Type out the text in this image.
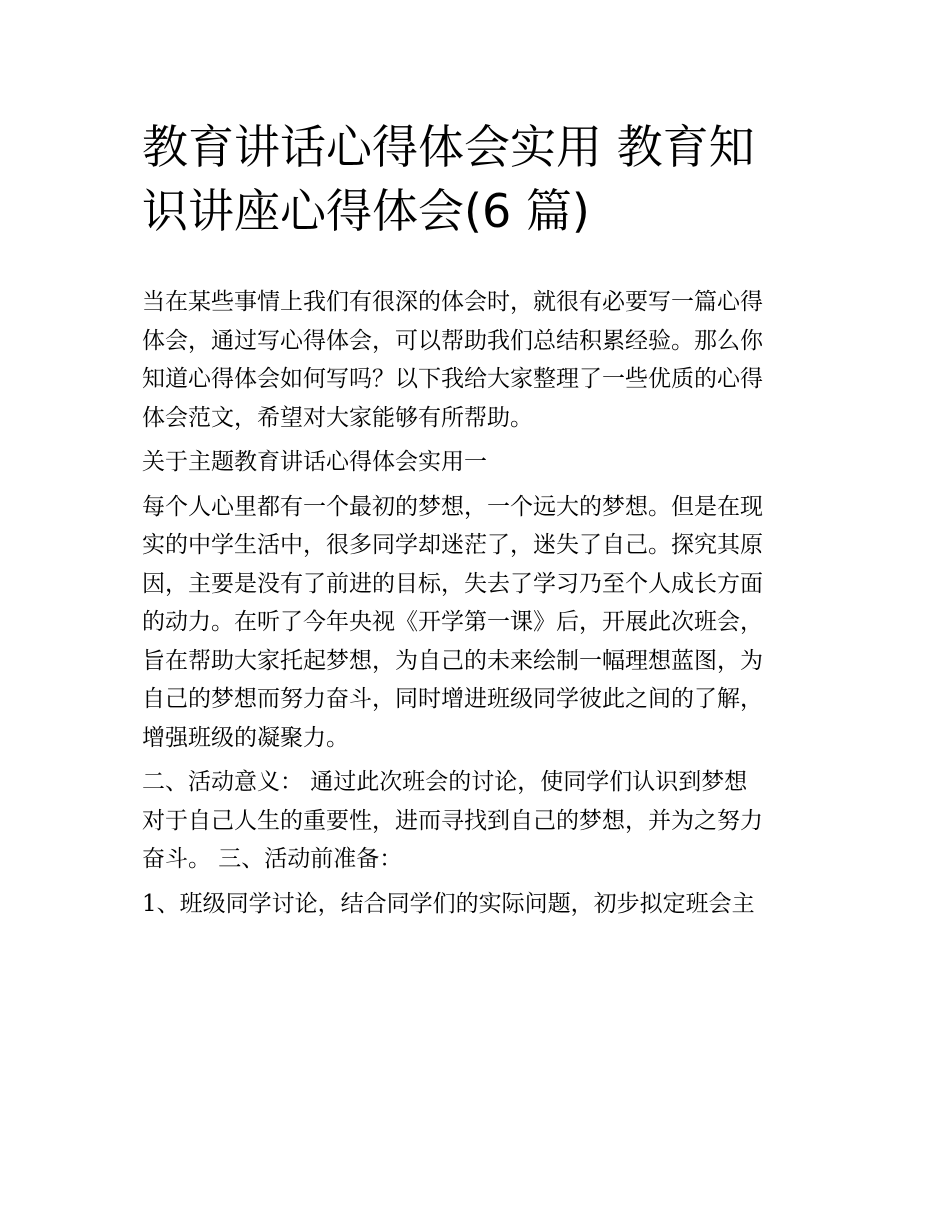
教育讲话心得体会实用 教育知
识讲座心得体会(6 篇)

当在某些事情上我们有很深的体会时，就很有必要写一篇心得
体会，通过写心得体会，可以帮助我们总结积累经验。那么你
知道心得体会如何写吗？以下我给大家整理了一些优质的心得
体会范文，希望对大家能够有所帮助。

关于主题教育讲话心得体会实用一

每个人心里都有一个最初的梦想，一个远大的梦想。但是在现
实的中学生活中，很多同学却迷茫了，迷失了自己。探究其原
因，主要是没有了前进的目标，失去了学习乃至个人成长方面
的动力。在听了今年央视《开学第一课》后，开展此次班会，
旨在帮助大家托起梦想，为自己的未来绘制一幅理想蓝图，为
自己的梦想而努力奋斗，同时增进班级同学彼此之间的了解，
增强班级的凝聚力。

二、活动意义： 通过此次班会的讨论，使同学们认识到梦想
对于自己人生的重要性，进而寻找到自己的梦想，并为之努力
奋斗。 三、活动前准备：

1、班级同学讨论，结合同学们的实际问题，初步拟定班会主
